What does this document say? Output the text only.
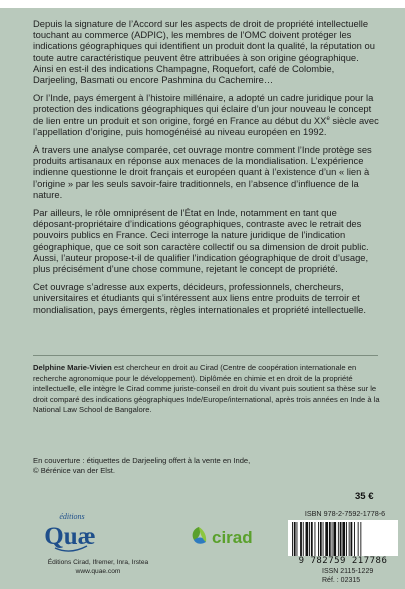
Depuis la signature de l’Accord sur les aspects de droit de propriété intellectuelle touchant au commerce (ADPIC), les membres de l’OMC doivent protéger les indications géographiques qui identifient un produit dont la qualité, la réputation ou toute autre caractéristique peuvent être attribuées à son origine géographique. Ainsi en est-il des indications Champagne, Roquefort, café de Colombie, Darjeeling, Basmati ou encore Pashmina du Cachemire…

Or l’Inde, pays émergent à l’histoire millénaire, a adopté un cadre juridique pour la protection des indications géographiques qui éclaire d’un jour nouveau le concept de lien entre un produit et son origine, forgé en France au début du XXe siècle avec l’appellation d’origine, puis homogénéisé au niveau européen en 1992.

À travers une analyse comparée, cet ouvrage montre comment l’Inde protège ses produits artisanaux en réponse aux menaces de la mondialisation. L’expérience indienne questionne le droit français et européen quant à l’existence d’un « lien à l’origine » par les seuls savoir-faire traditionnels, en l’absence d’influence de la nature.

Par ailleurs, le rôle omniprésent de l’État en Inde, notamment en tant que déposant-propriétaire d’indications géographiques, contraste avec le retrait des pouvoirs publics en France. Ceci interroge la nature juridique de l’indication géographique, que ce soit son caractère collectif ou sa dimension de droit public. Aussi, l’auteur propose-t-il de qualifier l’indication géographique de droit d’usage, plus précisément d’une chose commune, rejetant le concept de propriété.

Cet ouvrage s’adresse aux experts, décideurs, professionnels, chercheurs, universitaires et étudiants qui s’intéressent aux liens entre produits de terroir et mondialisation, pays émergents, règles internationales et propriété intellectuelle.

Delphine Marie-Vivien est chercheur en droit au Cirad (Centre de coopération internationale en recherche agronomique pour le développement). Diplômée en chimie et en droit de la propriété intellectuelle, elle intègre le Cirad comme juriste-conseil en droit du vivant puis soutient sa thèse sur le droit comparé des indications géographiques Inde/Europe/international, après trois années en Inde à la National Law School de Bangalore.
En couverture : étiquettes de Darjeeling offert à la vente en Inde,
© Bérénice van der Elst.
35 €
éditions
Quæ
Éditions Cirad, Ifremer, Inra, Irstea
www.quae.com
cirad
ISBN 978-2-7592-1778-6
9 782759 217786
ISSN 2115-1229
Réf. : 02315
